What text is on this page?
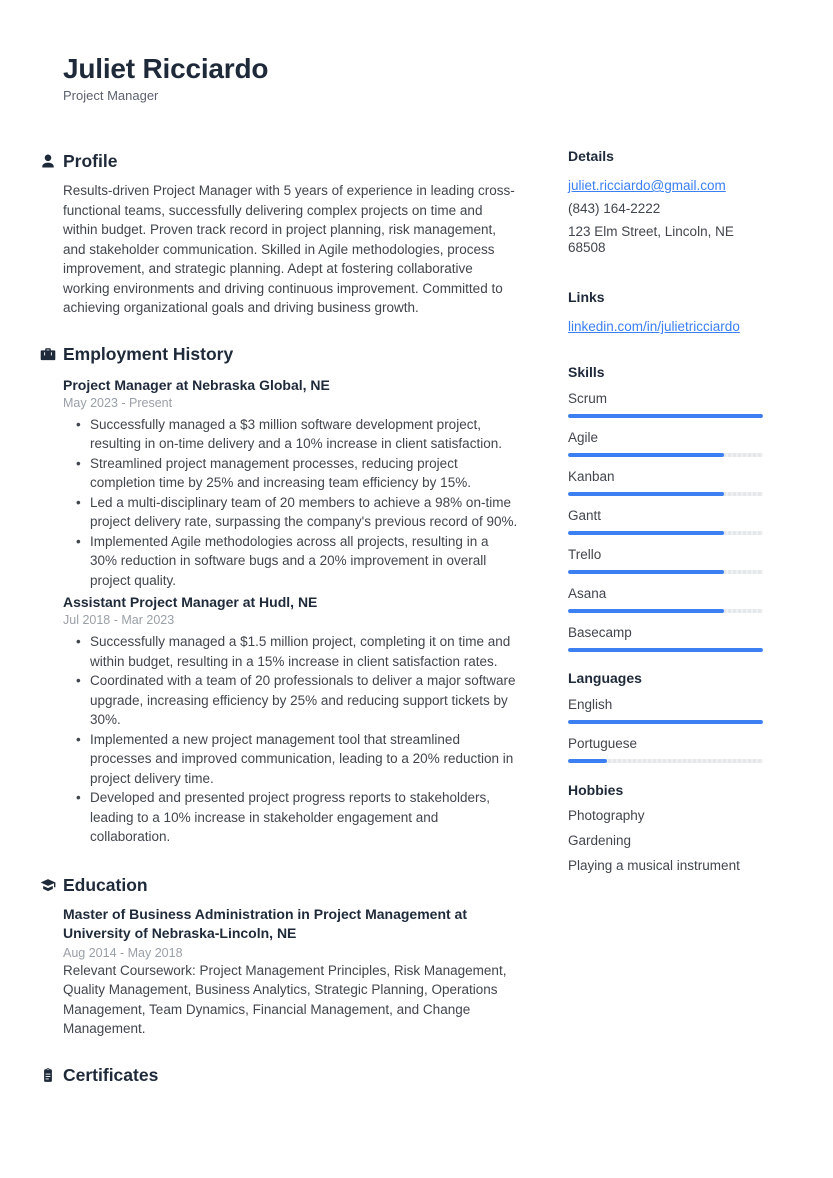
Juliet Ricciardo
Project Manager
Profile

Results-driven Project Manager with 5 years of experience in leading cross-functional teams, successfully delivering complex projects on time and within budget. Proven track record in project planning, risk management, and stakeholder communication. Skilled in Agile methodologies, process improvement, and strategic planning. Adept at fostering collaborative working environments and driving continuous improvement. Committed to achieving organizational goals and driving business growth.

Employment History
Project Manager at Nebraska Global, NE
May 2023 - Present
• Successfully managed a $3 million software development project, resulting in on-time delivery and a 10% increase in client satisfaction.
• Streamlined project management processes, reducing project completion time by 25% and increasing team efficiency by 15%.
• Led a multi-disciplinary team of 20 members to achieve a 98% on-time project delivery rate, surpassing the company's previous record of 90%.
• Implemented Agile methodologies across all projects, resulting in a 30% reduction in software bugs and a 20% improvement in overall project quality.
Assistant Project Manager at Hudl, NE
Jul 2018 - Mar 2023
• Successfully managed a $1.5 million project, completing it on time and within budget, resulting in a 15% increase in client satisfaction rates.
• Coordinated with a team of 20 professionals to deliver a major software upgrade, increasing efficiency by 25% and reducing support tickets by 30%.
• Implemented a new project management tool that streamlined processes and improved communication, leading to a 20% reduction in project delivery time.
• Developed and presented project progress reports to stakeholders, leading to a 10% increase in stakeholder engagement and collaboration.
Education
Master of Business Administration in Project Management at University of Nebraska-Lincoln, NE
Aug 2014 - May 2018

Relevant Coursework: Project Management Principles, Risk Management, Quality Management, Business Analytics, Strategic Planning, Operations Management, Team Dynamics, Financial Management, and Change Management.

Certificates
Details
juliet.ricciardo@gmail.com
(843) 164-2222
123 Elm Street, Lincoln, NE 68508
Links
linkedin.com/in/julietricciardo
Skills
Scrum
Agile
Kanban
Gantt
Trello
Asana
Basecamp
Languages
English
Portuguese
Hobbies
Photography
Gardening
Playing a musical instrument
